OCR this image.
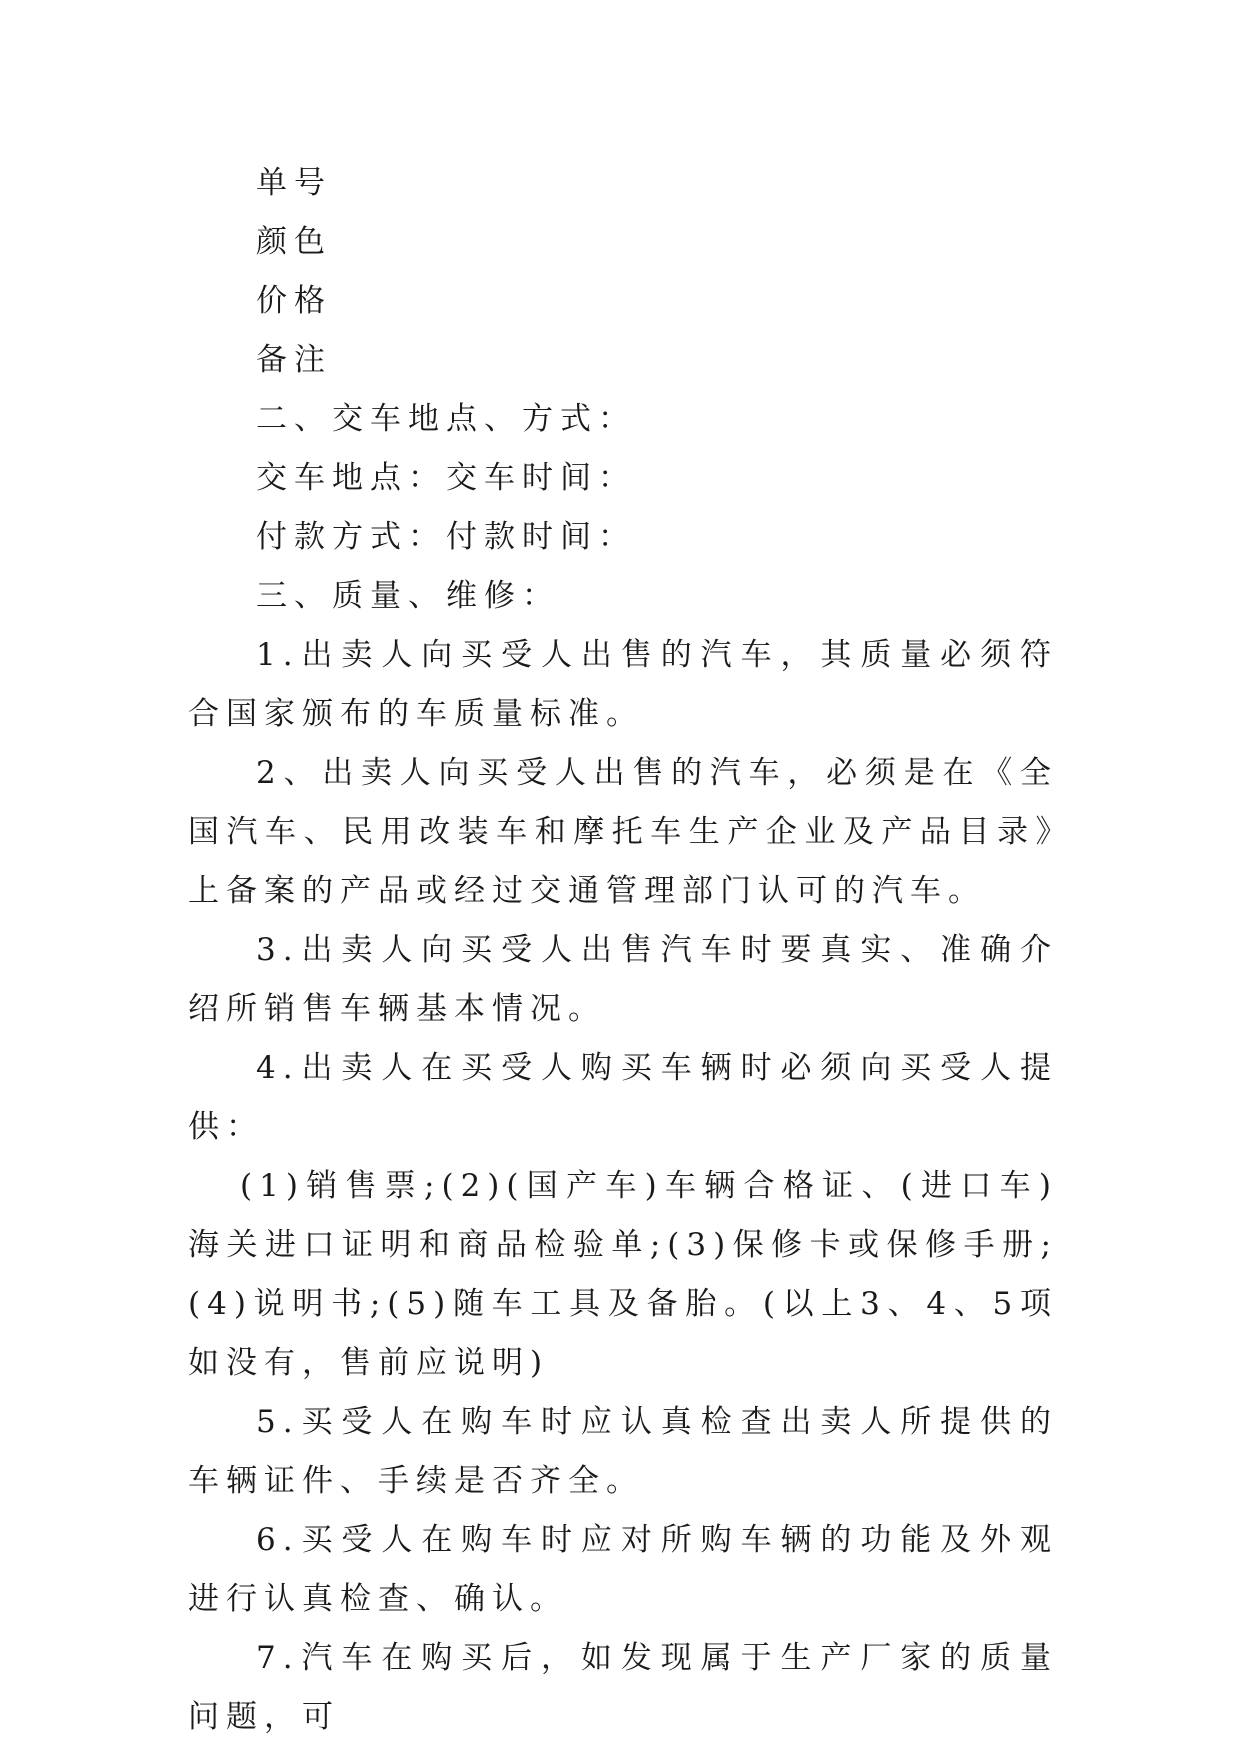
单号

颜色

价格

备注

二、交车地点、方式：

交车地点：交车时间：

付款方式：付款时间：

三、质量、维修：

1.出卖人向买受人出售的汽车，其质量必须符合国家颁布的车质量标准。

2、出卖人向买受人出售的汽车，必须是在《全国汽车、民用改装车和摩托车生产企业及产品目录》上备案的产品或经过交通管理部门认可的汽车。

3.出卖人向买受人出售汽车时要真实、准确介绍所销售车辆基本情况。

4.出卖人在买受人购买车辆时必须向买受人提供：

(1)销售票;(2)(国产车)车辆合格证、(进口车)海关进口证明和商品检验单;(3)保修卡或保修手册;(4)说明书;(5)随车工具及备胎。(以上3、4、5项如没有，售前应说明)

5.买受人在购车时应认真检查出卖人所提供的车辆证件、手续是否齐全。

6.买受人在购车时应对所购车辆的功能及外观进行认真检查、确认。

7.汽车在购买后，如发现属于生产厂家的质量问题，可
